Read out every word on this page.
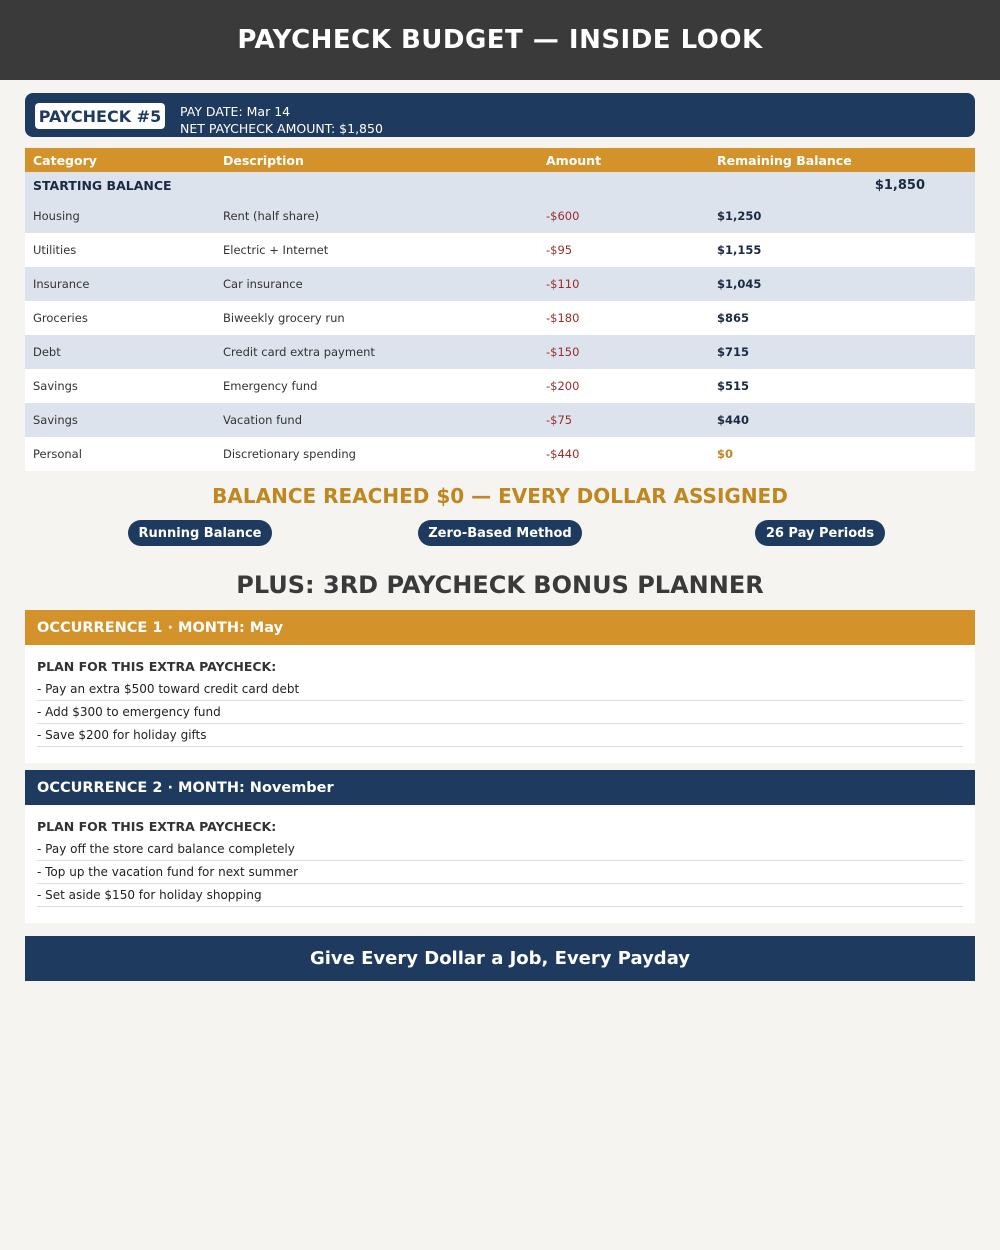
PAYCHECK BUDGET — INSIDE LOOK
PAYCHECK #5	PAY DATE: Mar 14
NET PAYCHECK AMOUNT: $1,850
Category	Description	Amount	Remaining Balance
STARTING BALANCE			$1,850
Housing	Rent (half share)	-$600	$1,250
Utilities	Electric + Internet	-$95	$1,155
Insurance	Car insurance	-$110	$1,045
Groceries	Biweekly grocery run	-$180	$865
Debt	Credit card extra payment	-$150	$715
Savings	Emergency fund	-$200	$515
Savings	Vacation fund	-$75	$440
Personal	Discretionary spending	-$440	$0
BALANCE REACHED $0 — EVERY DOLLAR ASSIGNED
Running Balance	Zero-Based Method	26 Pay Periods
PLUS: 3RD PAYCHECK BONUS PLANNER
OCCURRENCE 1 · MONTH: May
PLAN FOR THIS EXTRA PAYCHECK:
- Pay an extra $500 toward credit card debt
- Add $300 to emergency fund
- Save $200 for holiday gifts
OCCURRENCE 2 · MONTH: November
PLAN FOR THIS EXTRA PAYCHECK:
- Pay off the store card balance completely
- Top up the vacation fund for next summer
- Set aside $150 for holiday shopping
Give Every Dollar a Job, Every Payday
